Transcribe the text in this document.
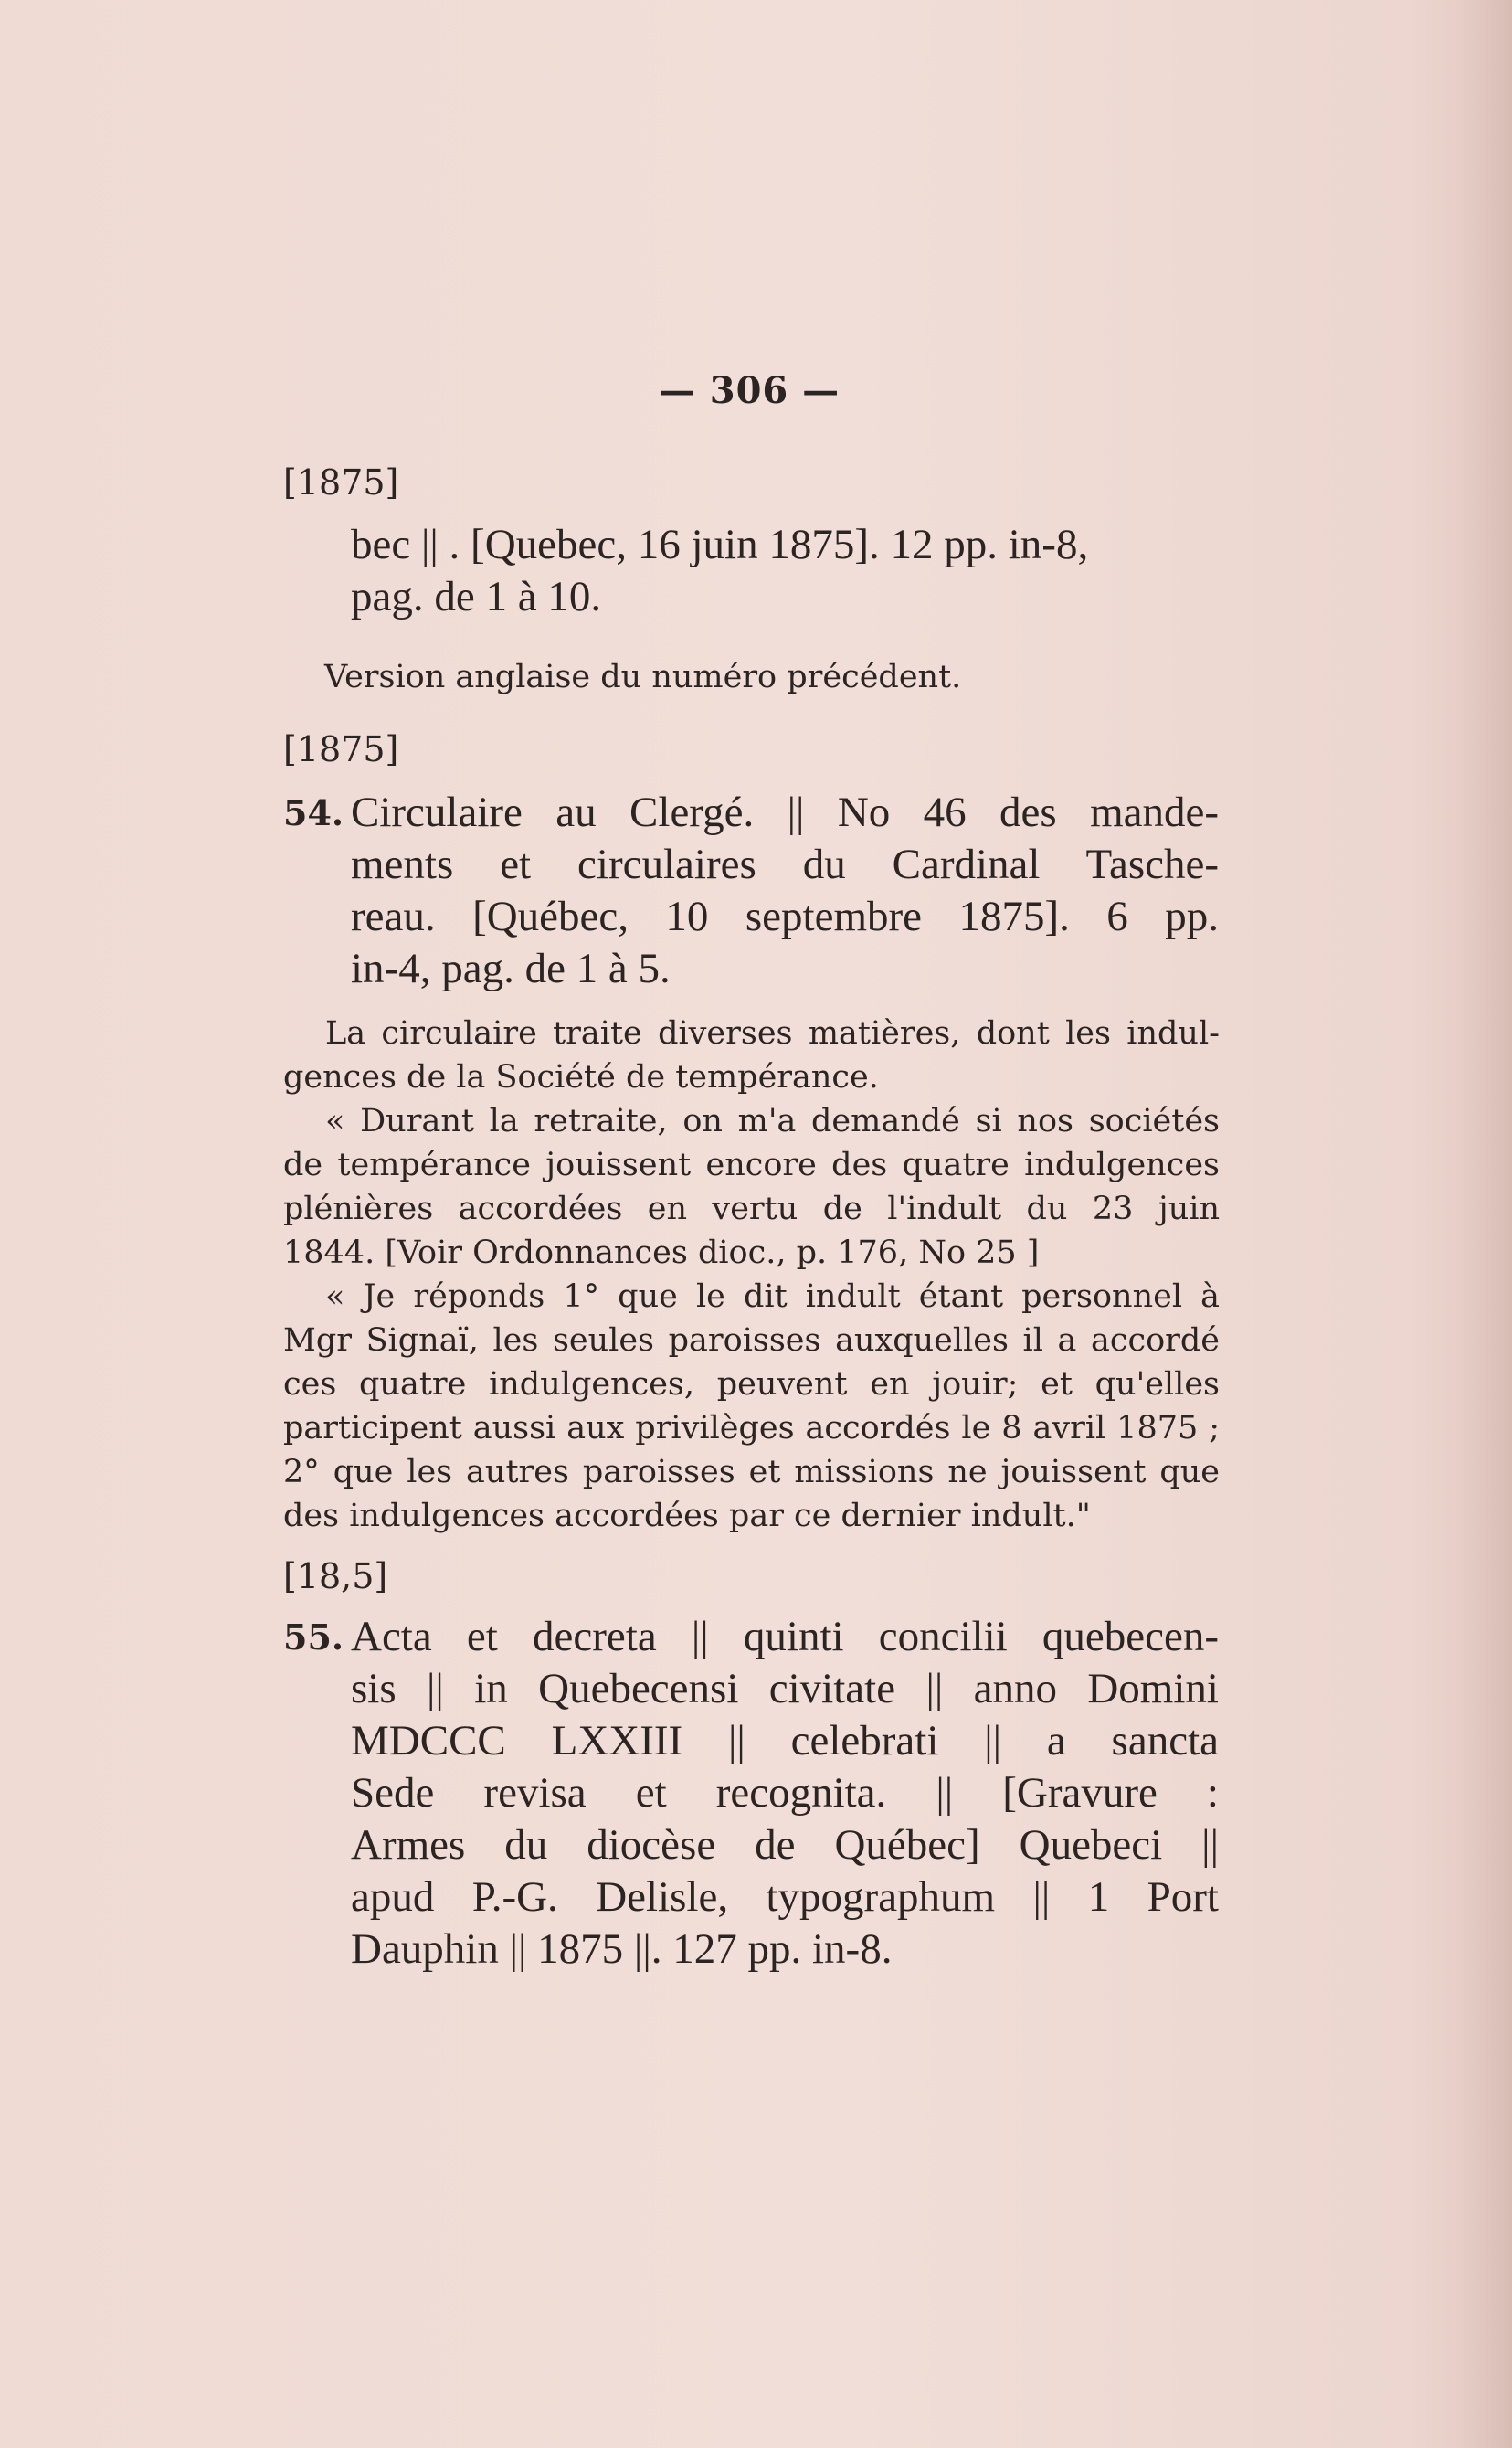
— 306 —
[1875]
bec || . [Quebec, 16 juin 1875]. 12 pp. in-8,
pag. de 1 à 10.
Version anglaise du numéro précédent.
[1875]
54. Circulaire au Clergé. || No 46 des mande-
ments et circulaires du Cardinal Tasche-
reau. [Québec, 10 septembre 1875]. 6 pp.
in-4, pag. de 1 à 5.
La circulaire traite diverses matières, dont les indul-
gences de la Société de tempérance.
« Durant la retraite, on m'a demandé si nos sociétés
de tempérance jouissent encore des quatre indulgences
plénières accordées en vertu de l'indult du 23 juin
1844. [Voir Ordonnances dioc., p. 176, No 25 ]
« Je réponds 1° que le dit indult étant personnel à
Mgr Signaï, les seules paroisses auxquelles il a accordé
ces quatre indulgences, peuvent en jouir; et qu'elles
participent aussi aux privilèges accordés le 8 avril 1875 ;
2° que les autres paroisses et missions ne jouissent que
des indulgences accordées par ce dernier indult."
[18,5]
55. Acta et decreta || quinti concilii quebecen-
sis || in Quebecensi civitate || anno Domini
MDCCC LXXIII || celebrati || a sancta
Sede revisa et recognita. || [Gravure :
Armes du diocèse de Québec] Quebeci ||
apud P.-G. Delisle, typographum || 1 Port
Dauphin || 1875 ||. 127 pp. in-8.
